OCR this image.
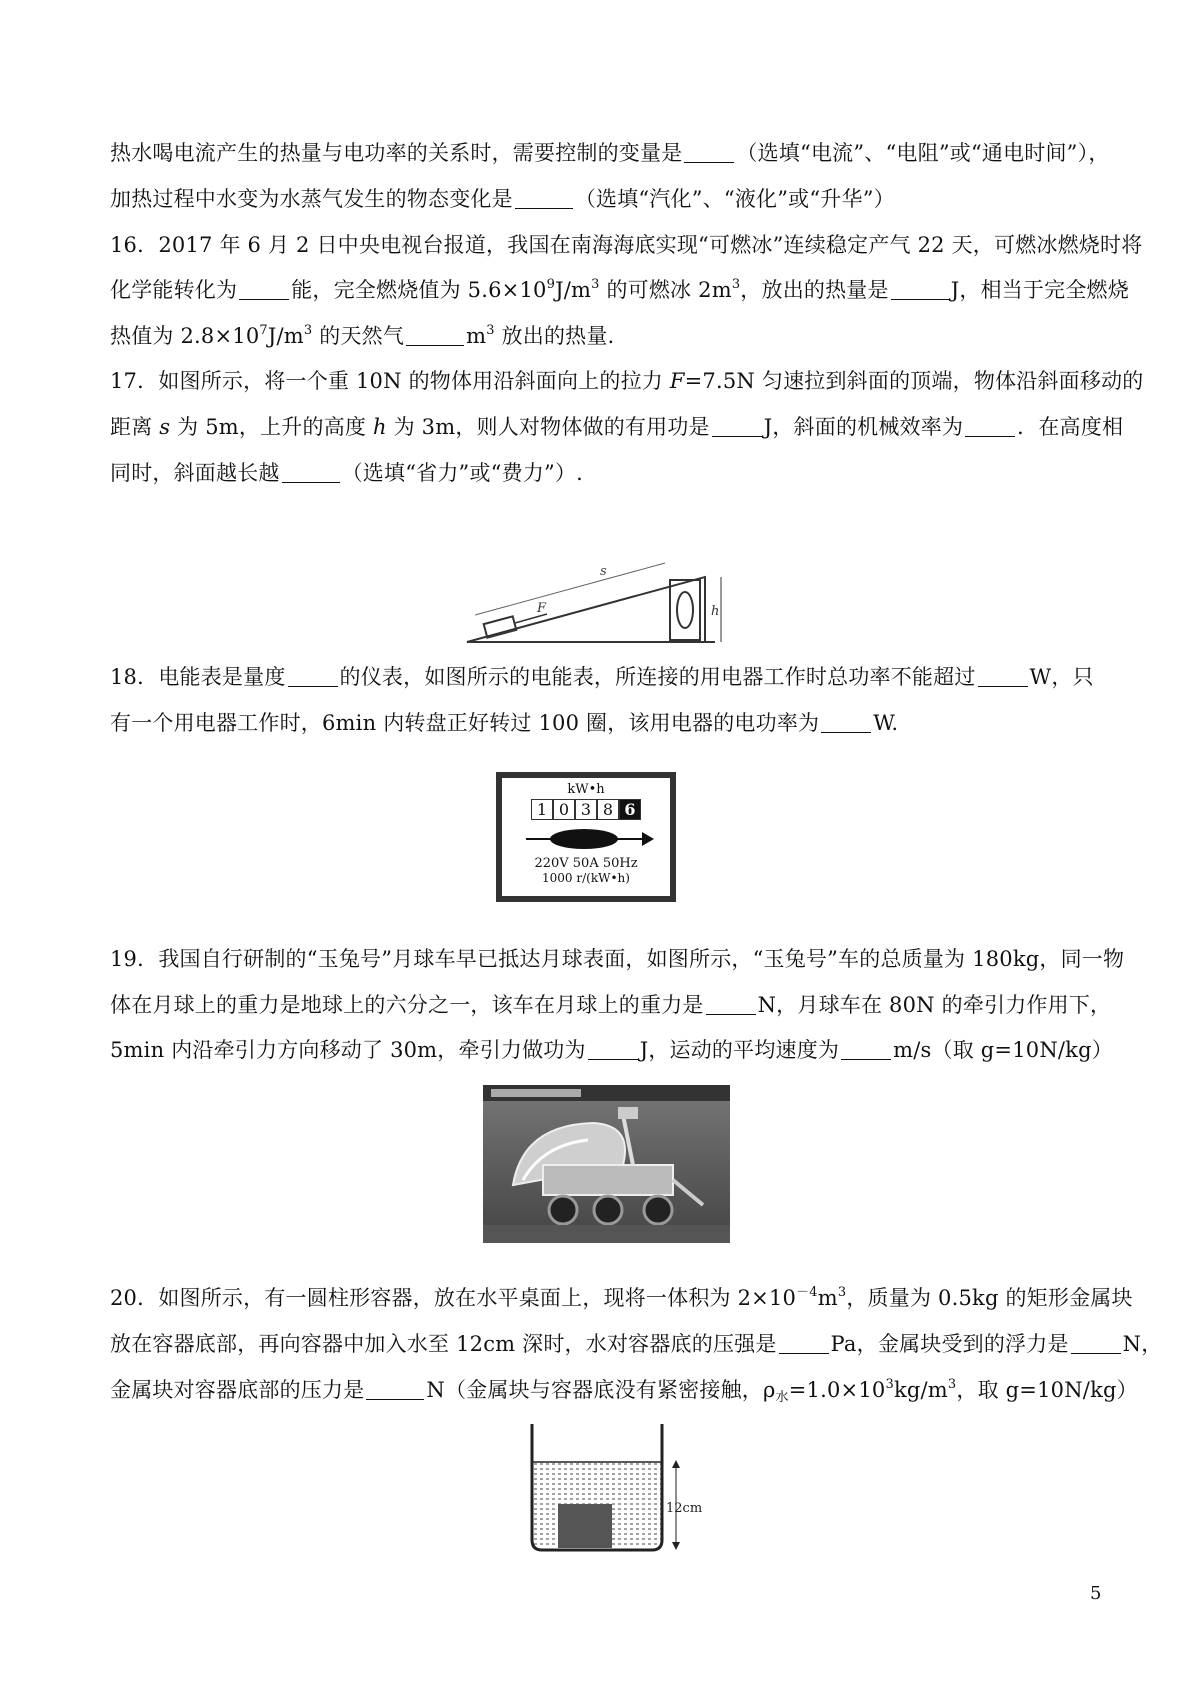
热水喝电流产生的热量与电功率的关系时，需要控制的变量是	（选填“电流”、“电阻”或“通电时间”），
加热过程中水变为水蒸气发生的物态变化是	（选填“汽化”、“液化”或“升华”）
16．2017 年 6 月 2 日中央电视台报道，我国在南海海底实现“可燃冰”连续稳定产气 22 天，可燃冰燃烧时将
化学能转化为	能，完全燃烧值为 $5.6\times 10^9J/m^3$ 的可燃冰 $2m^3$，放出的热量是	J，相当于完全燃烧
热值为 $2.8\times 10^7J/m^3$ 的天然气	$m^3$ 放出的热量.
17．如图所示，将一个重 10N 的物体用沿斜面向上的拉力 F=7.5N 匀速拉到斜面的顶端，物体沿斜面移动的
距离 s 为 5m，上升的高度 h 为 3m，则人对物体做的有用功是	J，斜面的机械效率为	．在高度相
同时，斜面越长越	（选填“省力”或“费力”）.
s
F	h
18．电能表是量度	的仪表，如图所示的电能表，所连接的用电器工作时总功率不能超过	W，只
有一个用电器工作时，6min 内转盘正好转过 100 圈，该用电器的电功率为	W.
kW•h
1 0 3 8 6
220V 50A 50Hz
1000 r/(kW•h)
19．我国自行研制的“玉兔号”月球车早已抵达月球表面，如图所示，“玉兔号”车的总质量为 180kg，同一物
体在月球上的重力是地球上的六分之一，该车在月球上的重力是	N，月球车在 80N 的牵引力作用下，
5min 内沿牵引力方向移动了 30m，牵引力做功为	J，运动的平均速度为	m/s（取 g=10N/kg）
20．如图所示，有一圆柱形容器，放在水平桌面上，现将一体积为 $2\times 10^{-4}m^3$，质量为 0.5kg 的矩形金属块
放在容器底部，再向容器中加入水至 12cm 深时，水对容器底的压强是	Pa，金属块受到的浮力是	N，
金属块对容器底部的压力是	N（金属块与容器底没有紧密接触，$\rho_水=1.0\times 10^3kg/m^3$，取 g=10N/kg）
12cm
5
